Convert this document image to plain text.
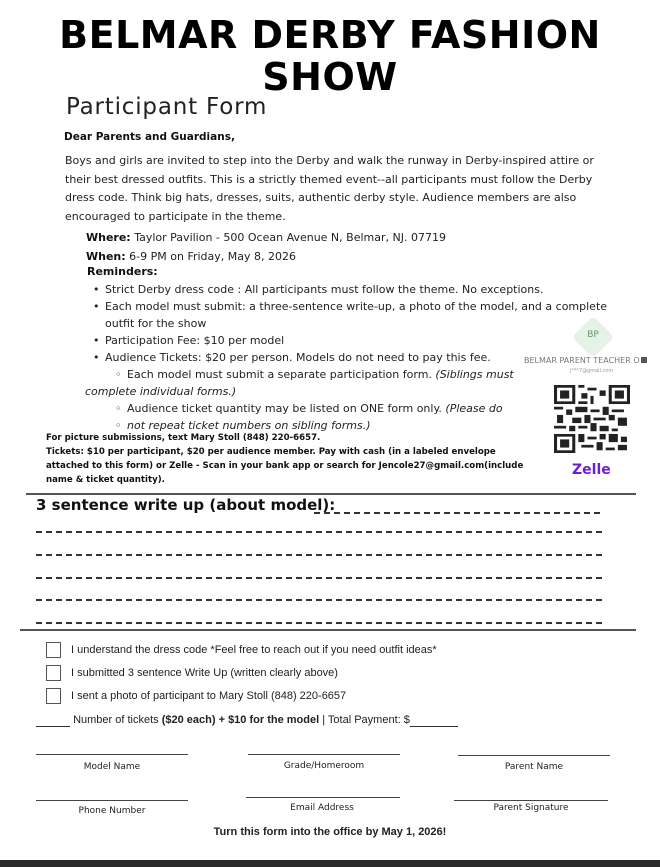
BELMAR DERBY FASHION
SHOW
Participant Form
Dear Parents and Guardians,
Boys and girls are invited to step into the Derby and walk the runway in Derby-inspired attire or their best dressed outfits. This is a strictly themed event--all participants must follow the Derby dress code. Think big hats, dresses, suits, authentic derby style. Audience members are also encouraged to participate in the theme.
Where: Taylor Pavilion - 500 Ocean Avenue N, Belmar, NJ. 07719
When: 6-9 PM on Friday, May 8, 2026
Reminders:
• Strict Derby dress code : All participants must follow the theme. No exceptions.
• Each model must submit: a three-sentence write-up, a photo of the model, and a complete
outfit for the show
• Participation Fee: $10 per model
• Audience Tickets: $20 per person. Models do not need to pay this fee.
◦ Each model must submit a separate participation form. (Siblings must
complete individual forms.)
◦ Audience ticket quantity may be listed on ONE form only. (Please do
◦ not repeat ticket numbers on sibling forms.)
For picture submissions, text Mary Stoll (848) 220-6657.
Tickets: $10 per participant, $20 per audience member. Pay with cash (in a labeled envelope
attached to this form) or Zelle - Scan in your bank app or search for Jencole27@gmail.com(include
name & ticket quantity).
BP
BELMAR PARENT TEACHER O
j***7@gmail.com
Zelle
3 sentence write up (about model):
I understand the dress code *Feel free to reach out if you need outfit ideas*
I submitted 3 sentence Write Up (written clearly above)
I sent a photo of participant to Mary Stoll (848) 220-6657
Number of tickets ($20 each) + $10 for the model | Total Payment: $
Model Name	Grade/Homeroom	Parent Name
Phone Number	Email Address	Parent Signature
Turn this form into the office by May 1, 2026!
